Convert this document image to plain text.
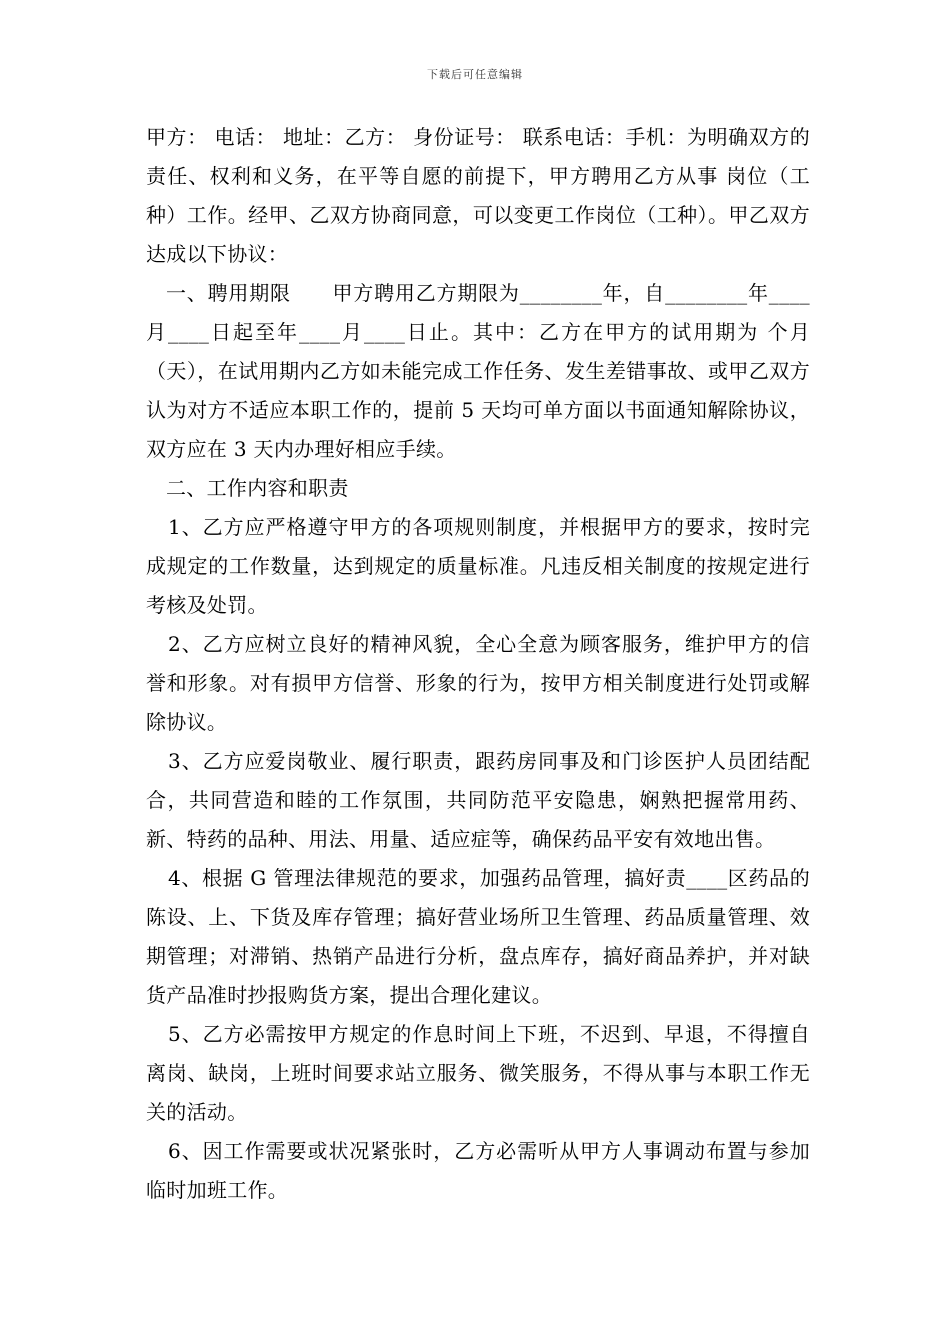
下载后可任意编辑

甲方： 电话： 地址：乙方： 身份证号： 联系电话：手机：为明确双方的责任、权利和义务，在平等自愿的前提下，甲方聘用乙方从事 岗位（工种）工作。经甲、乙双方协商同意，可以变更工作岗位（工种）。甲乙双方达成以下协议：

一、聘用期限　　甲方聘用乙方期限为________年，自________年____月____日起至年____月____日止。其中：乙方在甲方的试用期为 个月（天），在试用期内乙方如未能完成工作任务、发生差错事故、或甲乙双方认为对方不适应本职工作的，提前 5 天均可单方面以书面通知解除协议，双方应在 3 天内办理好相应手续。

二、工作内容和职责

1、乙方应严格遵守甲方的各项规则制度，并根据甲方的要求，按时完成规定的工作数量，达到规定的质量标准。凡违反相关制度的按规定进行考核及处罚。

2、乙方应树立良好的精神风貌，全心全意为顾客服务，维护甲方的信誉和形象。对有损甲方信誉、形象的行为，按甲方相关制度进行处罚或解除协议。

3、乙方应爱岗敬业、履行职责，跟药房同事及和门诊医护人员团结配合，共同营造和睦的工作氛围，共同防范平安隐患，娴熟把握常用药、新、特药的品种、用法、用量、适应症等，确保药品平安有效地出售。

4、根据 G 管理法律规范的要求，加强药品管理，搞好责____区药品的陈设、上、下货及库存管理；搞好营业场所卫生管理、药品质量管理、效期管理；对滞销、热销产品进行分析，盘点库存，搞好商品养护，并对缺货产品准时抄报购货方案，提出合理化建议。

5、乙方必需按甲方规定的作息时间上下班，不迟到、早退，不得擅自离岗、缺岗，上班时间要求站立服务、微笑服务，不得从事与本职工作无关的活动。

6、因工作需要或状况紧张时，乙方必需听从甲方人事调动布置与参加临时加班工作。
